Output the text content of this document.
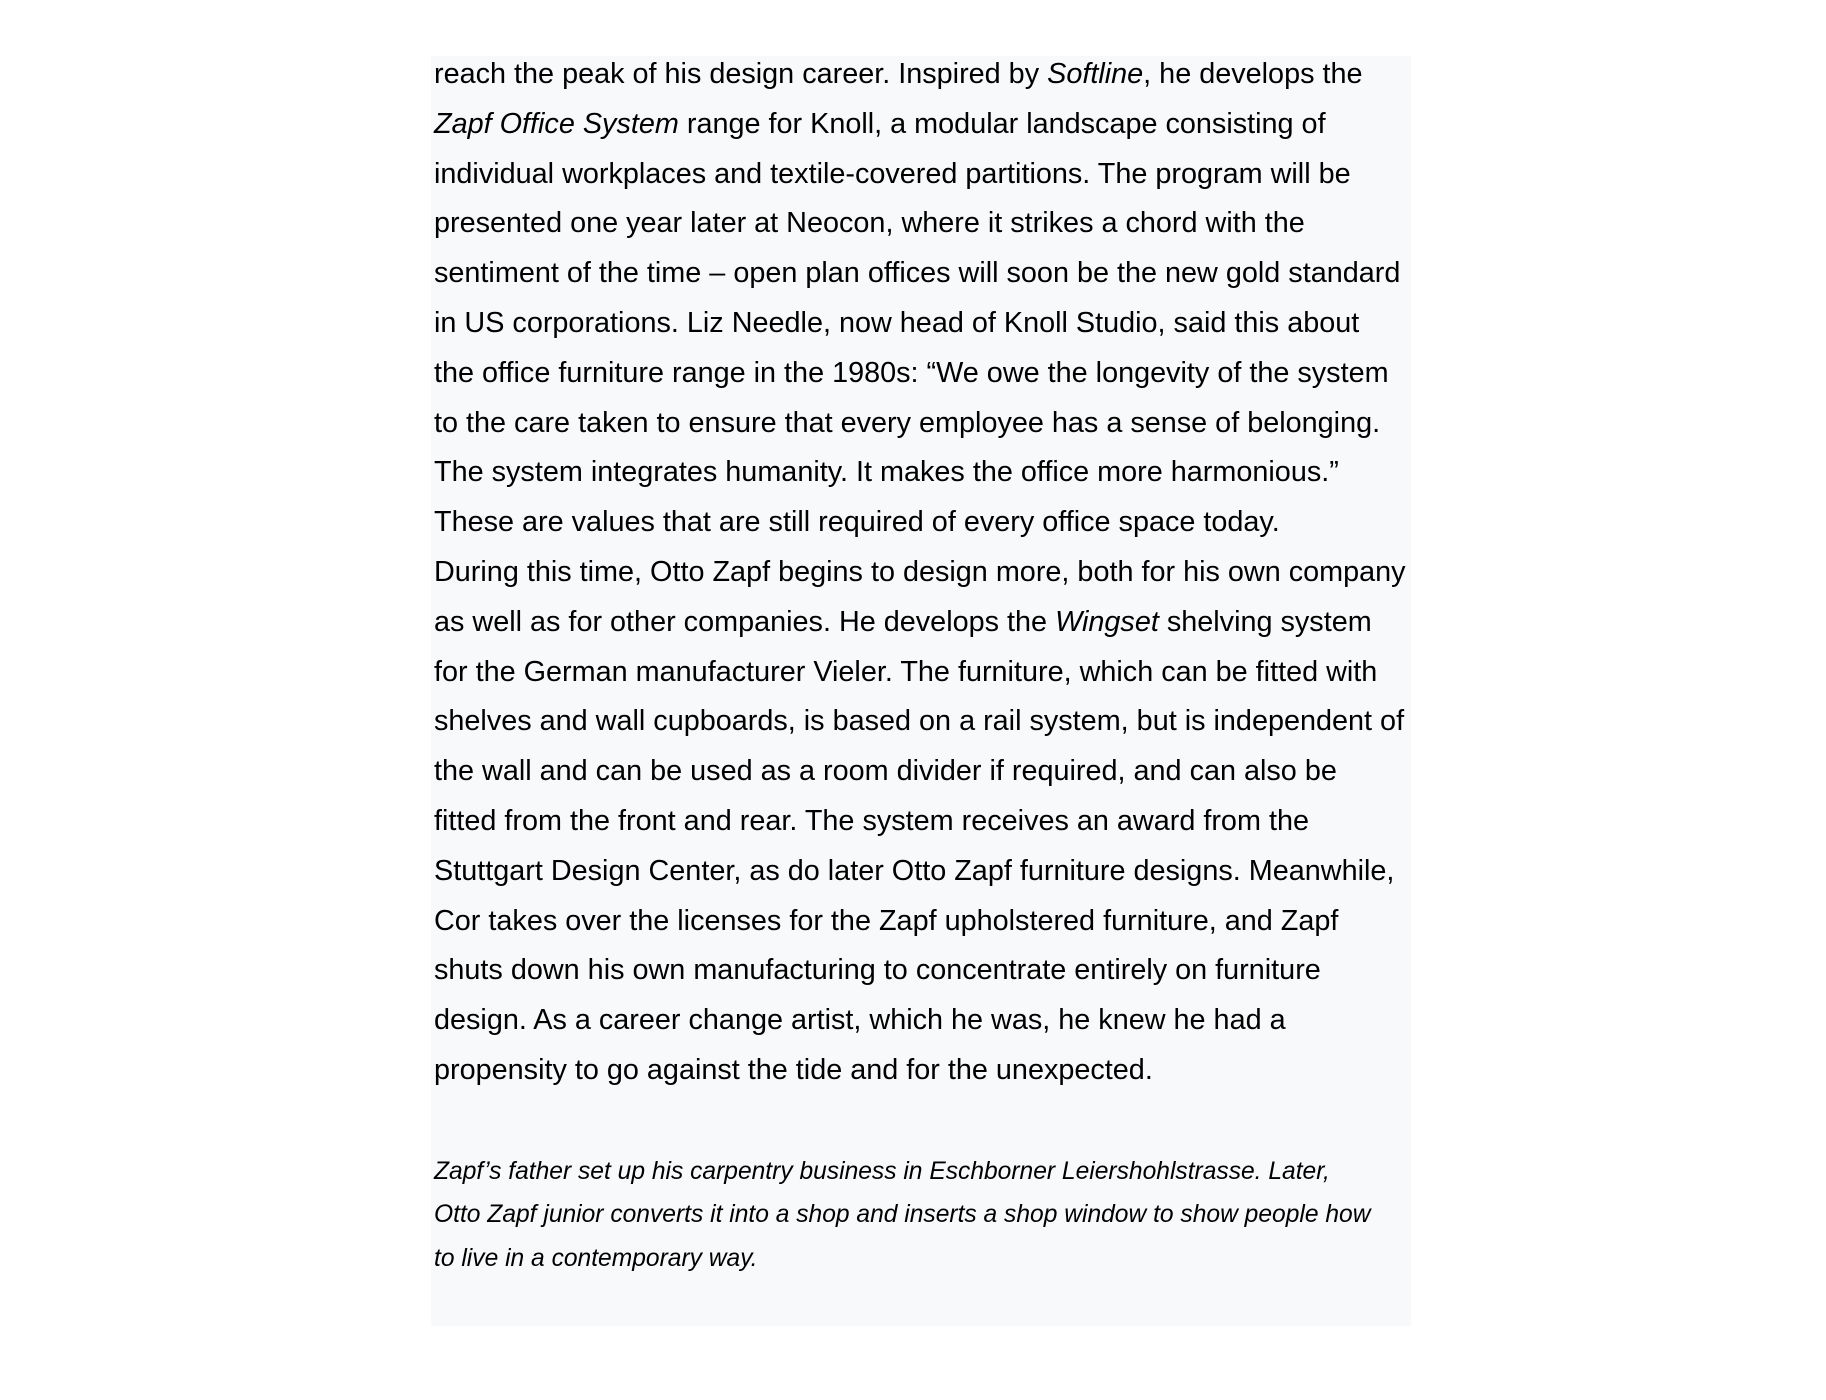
reach the peak of his design career. Inspired by Softline, he develops the
Zapf Office System range for Knoll, a modular landscape consisting of
individual workplaces and textile-covered partitions. The program will be
presented one year later at Neocon, where it strikes a chord with the
sentiment of the time – open plan offices will soon be the new gold standard
in US corporations. Liz Needle, now head of Knoll Studio, said this about
the office furniture range in the 1980s: “We owe the longevity of the system
to the care taken to ensure that every employee has a sense of belonging.
The system integrates humanity. It makes the office more harmonious.”
These are values that are still required of every office space today.
During this time, Otto Zapf begins to design more, both for his own company
as well as for other companies. He develops the Wingset shelving system
for the German manufacturer Vieler. The furniture, which can be fitted with
shelves and wall cupboards, is based on a rail system, but is independent of
the wall and can be used as a room divider if required, and can also be
fitted from the front and rear. The system receives an award from the
Stuttgart Design Center, as do later Otto Zapf furniture designs. Meanwhile,
Cor takes over the licenses for the Zapf upholstered furniture, and Zapf
shuts down his own manufacturing to concentrate entirely on furniture
design. As a career change artist, which he was, he knew he had a
propensity to go against the tide and for the unexpected.
Zapf’s father set up his carpentry business in Eschborner Leiershohlstrasse. Later,
Otto Zapf junior converts it into a shop and inserts a shop window to show people how
to live in a contemporary way.
